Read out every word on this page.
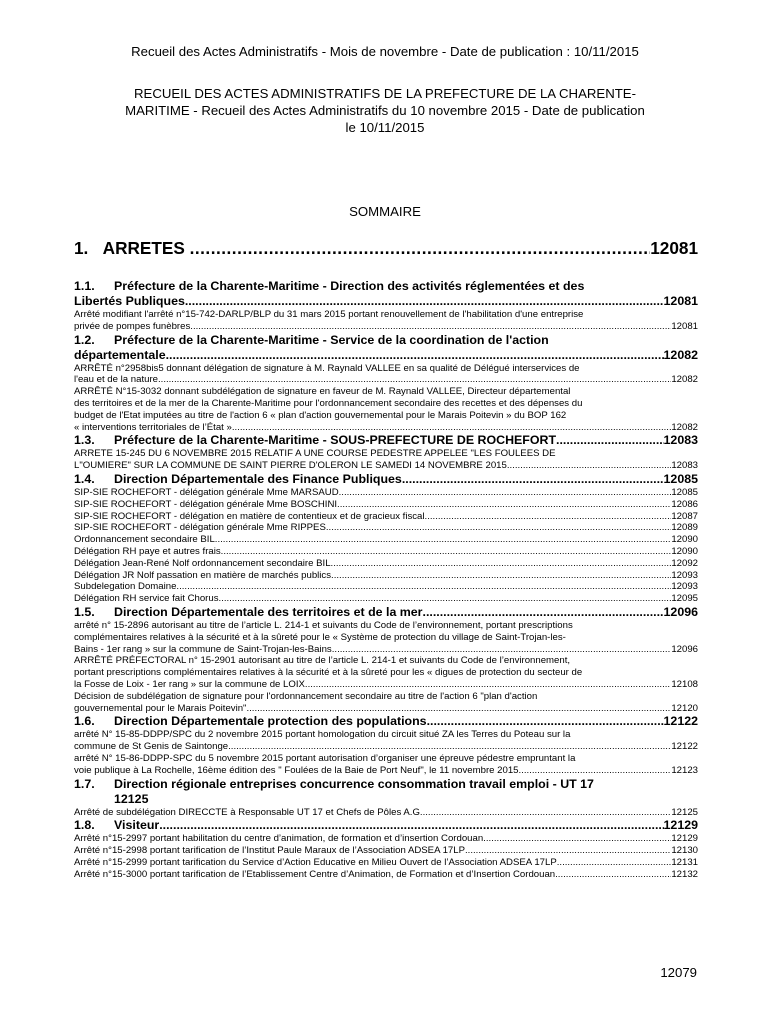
Recueil des Actes Administratifs - Mois de novembre - Date de publication : 10/11/2015
RECUEIL DES ACTES ADMINISTRATIFS DE LA PREFECTURE DE LA CHARENTE-
MARITIME - Recueil des Actes Administratifs du 10 novembre 2015 - Date de publication
le 10/11/2015
SOMMAIRE
1. ARRETES .....	12081
1.1. Préfecture de la Charente-Maritime - Direction des activités réglementées et des
Libertés Publiques .....	12081
Arrêté modifiant l'arrêté n°15-742-DARLP/BLP du 31 mars 2015 portant renouvellement de l'habilitation d'une entreprise
privée de pompes funèbres. .....	12081
1.2. Préfecture de la Charente-Maritime - Service de la coordination de l'action
départementale .....	12082
ARRÊTÉ n°2958bis5 donnant délégation de signature à M. Raynald VALLEE en sa qualité de Délégué interservices de
l'eau et de la nature .....	12082
ARRÊTÉ N°15-3032 donnant subdélégation de signature en faveur de M. Raynald VALLEE, Directeur départemental
des territoires et de la mer de la Charente-Maritime pour l'ordonnancement secondaire des recettes et des dépenses du
budget de l'Etat imputées au titre de l'action 6 « plan d'action gouvernemental pour le Marais Poitevin » du BOP 162
« interventions territoriales de l’État » .....	12082
1.3. Préfecture de la Charente-Maritime - SOUS-PREFECTURE DE ROCHEFORT .....	12083
ARRETE 15-245 DU 6 NOVEMBRE 2015 RELATIF A UNE COURSE PEDESTRE APPELEE "LES FOULEES DE
L"OUMIERE" SUR LA COMMUNE DE SAINT PIERRE D'OLERON LE SAMEDI 14 NOVEMBRE 2015 .....	12083
1.4. Direction Départementale des Finance Publiques .....	12085
SIP-SIE ROCHEFORT - délégation générale Mme MARSAUD .....	12085
SIP-SIE ROCHEFORT - délégation générale Mme BOSCHINI .....	12086
SIP-SIE ROCHEFORT - délégation en matière de contentieux et de gracieux fiscal .....	12087
SIP-SIE ROCHEFORT - délégation générale Mme RIPPES .....	12089
Ordonnancement secondaire BIL .....	12090
Délégation RH paye et autres frais .....	12090
Délégation Jean-René Nolf ordonnancement secondaire BIL .....	12092
Délégation JR Nolf passation en matière de marchés publics .....	12093
Subdelegation Domaine .....	12093
Délégation RH service fait Chorus .....	12095
1.5. Direction Départementale des territoires et de la mer .....	12096
arrêté n° 15-2896 autorisant au titre de l’article L. 214-1 et suivants du Code de l’environnement, portant prescriptions
complémentaires relatives à la sécurité et à la sûreté pour le « Système de protection du village de Saint-Trojan-les-
Bains - 1er rang » sur la commune de Saint-Trojan-les-Bains .....	12096
ARRÊTÉ PRÉFECTORAL n° 15-2901 autorisant au titre de l’article L. 214-1 et suivants du Code de l’environnement,
portant prescriptions complémentaires relatives à la sécurité et à la sûreté pour les « digues de protection du secteur de
la Fosse de Loix - 1er rang » sur la commune de LOIX .....	12108
Décision de subdélégation de signature pour l'ordonnancement secondaire au titre de l'action 6 "plan d'action
gouvernemental pour le Marais Poitevin" .....	12120
1.6. Direction Départementale protection des populations .....	12122
arrêté N° 15-85-DDPP/SPC du 2 novembre 2015 portant homologation du circuit situé ZA les Terres du Poteau sur la
commune de St Genis de Saintonge .....	12122
arrêté N° 15-86-DDPP-SPC du 5 novembre 2015 portant autorisation d’organiser une épreuve pédestre empruntant la
voie publique à La Rochelle, 16ème édition des " Foulées de la Baie de Port Neuf", le 11 novembre 2015 .....	12123
1.7. Direction régionale entreprises concurrence consommation travail emploi - UT 17
12125
Arrêté de subdélégation DIRECCTE à Responsable UT 17 et Chefs de Pôles A.G. .....	12125
1.8. Visiteur .....	12129
Arrêté n°15-2997 portant habilitation du centre d’animation, de formation et d’insertion Cordouan .....	12129
Arrêté n°15-2998 portant tarification de l’Institut Paule Maraux de l’Association ADSEA 17LP .....	12130
Arrêté n°15-2999 portant tarification du Service d’Action Educative en Milieu Ouvert de l’Association ADSEA 17LP .....	12131
Arrêté n°15-3000 portant tarification de l’Etablissement Centre d’Animation, de Formation et d’Insertion Cordouan .....	12132
12079
